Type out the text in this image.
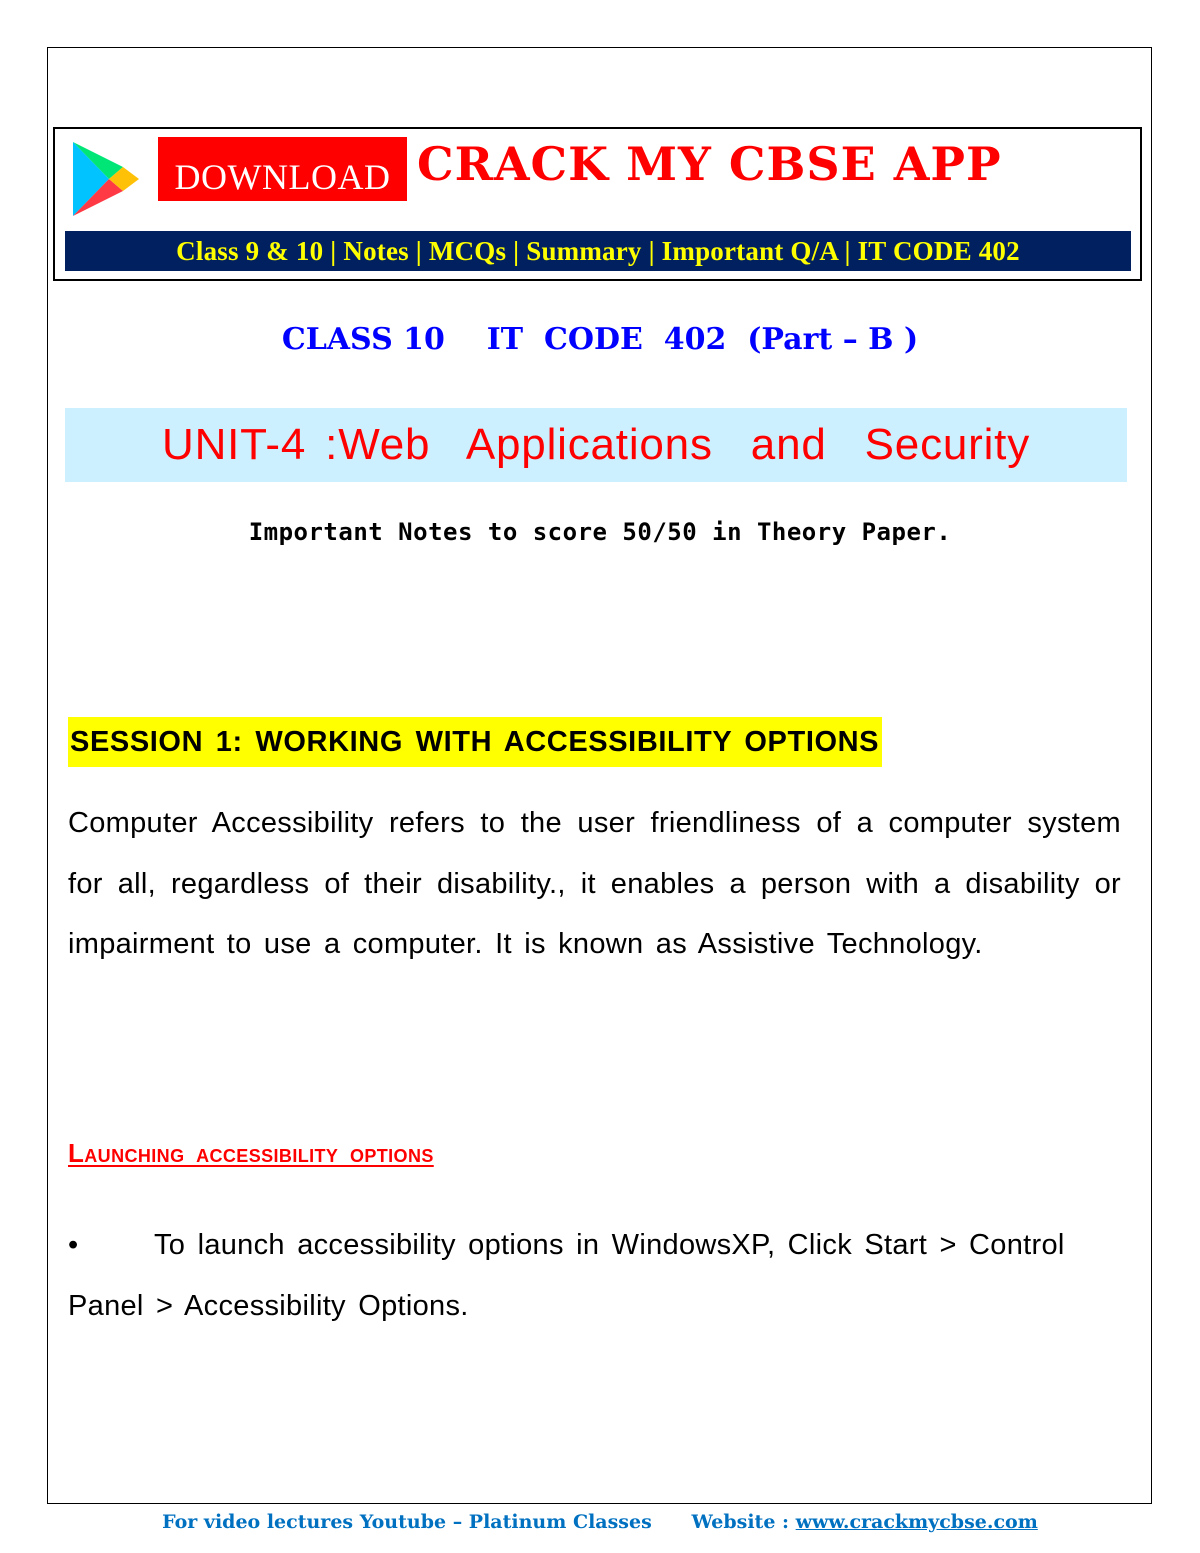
DOWNLOAD CRACK MY CBSE APP
Class 9 & 10 | Notes | MCQs | Summary | Important Q/A | IT CODE 402
CLASS 10    IT  CODE  402  (Part – B )
UNIT-4 :Web  Applications  and  Security
Important Notes to score 50/50 in Theory Paper.
SESSION 1: WORKING WITH ACCESSIBILITY OPTIONS
Computer Accessibility refers to the user friendliness of a computer system for all, regardless of their disability., it enables a person with a disability or impairment to use a computer. It is known as Assistive Technology.
Launching accessibility options
•	To launch accessibility options in WindowsXP, Click Start > Control Panel > Accessibility Options.
For video lectures Youtube – Platinum Classes      Website : www.crackmycbse.com
